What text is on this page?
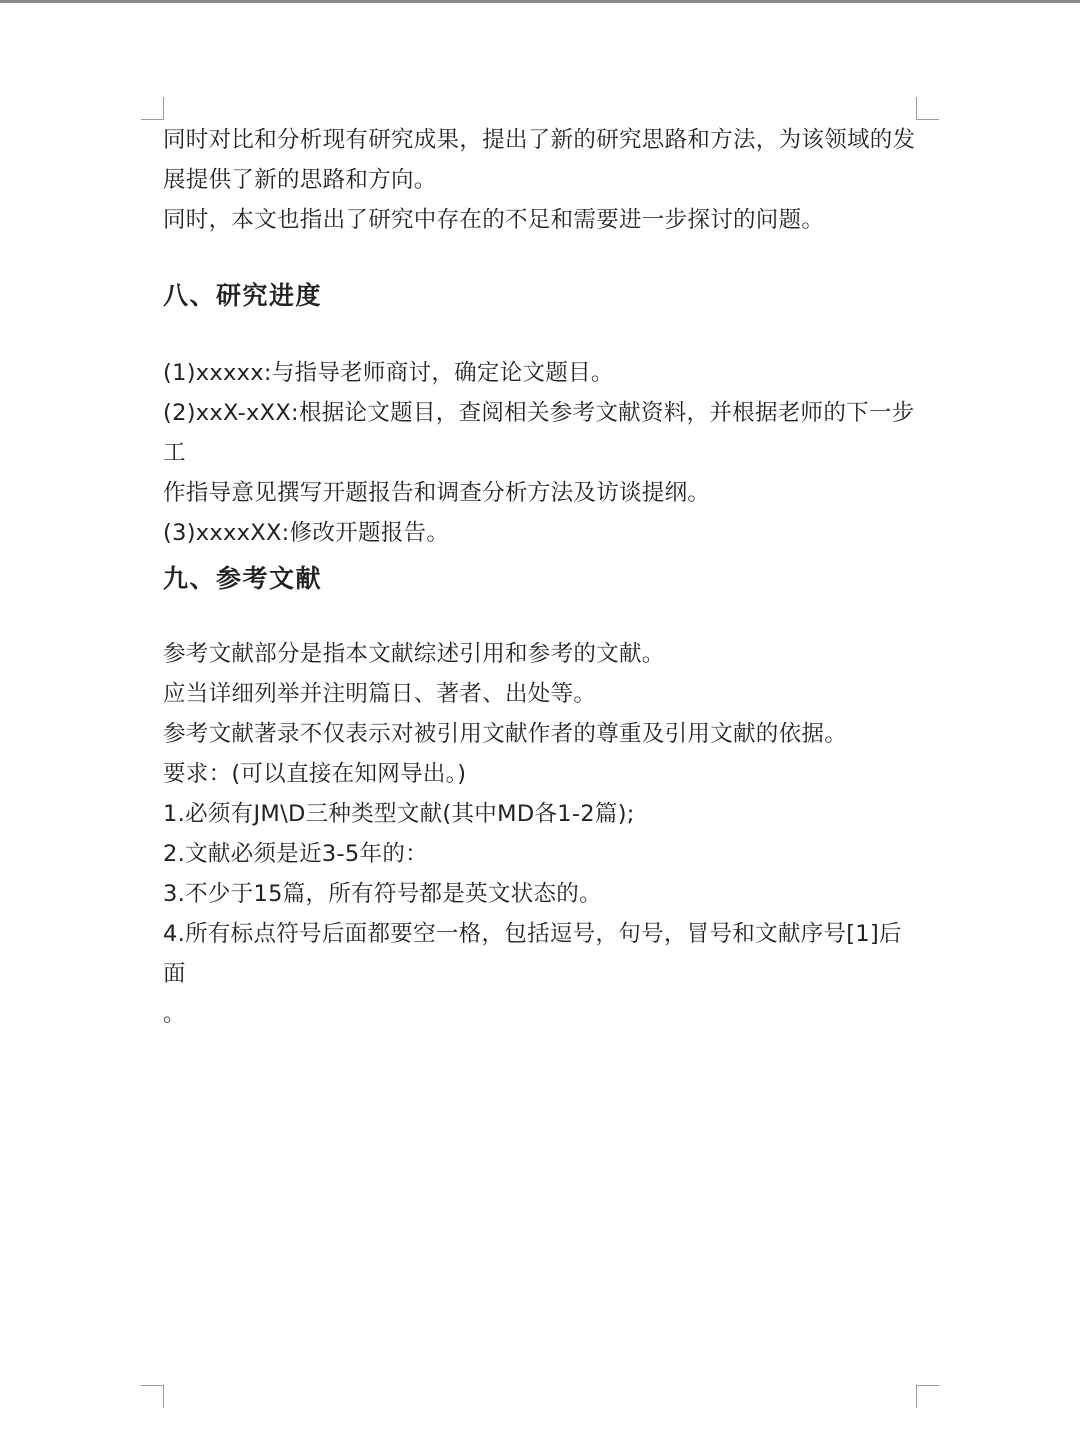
同时对比和分析现有研究成果，提出了新的研究思路和方法，为该领域的发

展提供了新的思路和方向。

同时，本文也指出了研究中存在的不足和需要进一步探讨的问题。

八、研究进度

(1)xxxxx:与指导老师商讨，确定论文题目。

(2)xxX-xXX:根据论文题目，查阅相关参考文献资料，并根据老师的下一步工

作指导意见撰写开题报告和调查分析方法及访谈提纲。

(3)xxxxXX:修改开题报告。

九、参考文献

参考文献部分是指本文献综述引用和参考的文献。

应当详细列举并注明篇日、著者、出处等。

参考文献著录不仅表示对被引用文献作者的尊重及引用文献的依据。

要求：(可以直接在知网导出。)

1.必须有JM\D三种类型文献(其中MD各1-2篇);

2.文献必须是近3-5年的：

3.不少于15篇，所有符号都是英文状态的。

4.所有标点符号后面都要空一格，包括逗号，句号，冒号和文献序号[1]后面

。
